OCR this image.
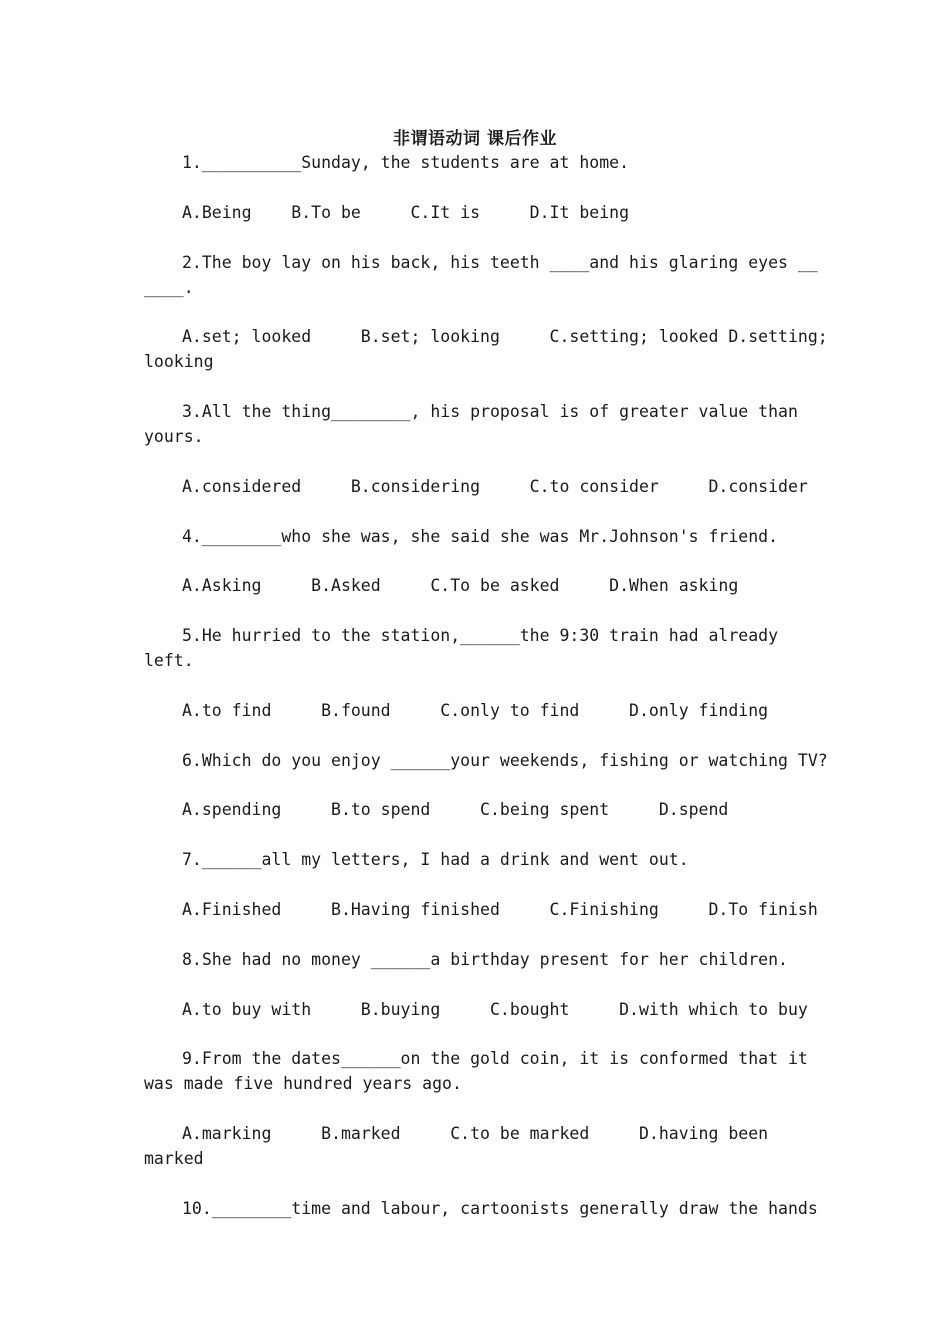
非谓语动词 课后作业
1.__________Sunday, the students are at home.
A.Being    B.To be     C.It is     D.It being
2.The boy lay on his back, his teeth ____and his glaring eyes __
____.
A.set; looked     B.set; looking     C.setting; looked D.setting;
looking
3.All the thing________, his proposal is of greater value than
yours.
A.considered     B.considering     C.to consider     D.consider
4.________who she was, she said she was Mr.Johnson's friend.
A.Asking     B.Asked     C.To be asked     D.When asking
5.He hurried to the station,______the 9:30 train had already
left.
A.to find     B.found     C.only to find     D.only finding
6.Which do you enjoy ______your weekends, fishing or watching TV?
A.spending     B.to spend     C.being spent     D.spend
7.______all my letters, I had a drink and went out.
A.Finished     B.Having finished     C.Finishing     D.To finish
8.She had no money ______a birthday present for her children.
A.to buy with     B.buying     C.bought     D.with which to buy
9.From the dates______on the gold coin, it is conformed that it
was made five hundred years ago.
A.marking     B.marked     C.to be marked     D.having been
marked
10.________time and labour, cartoonists generally draw the hands
